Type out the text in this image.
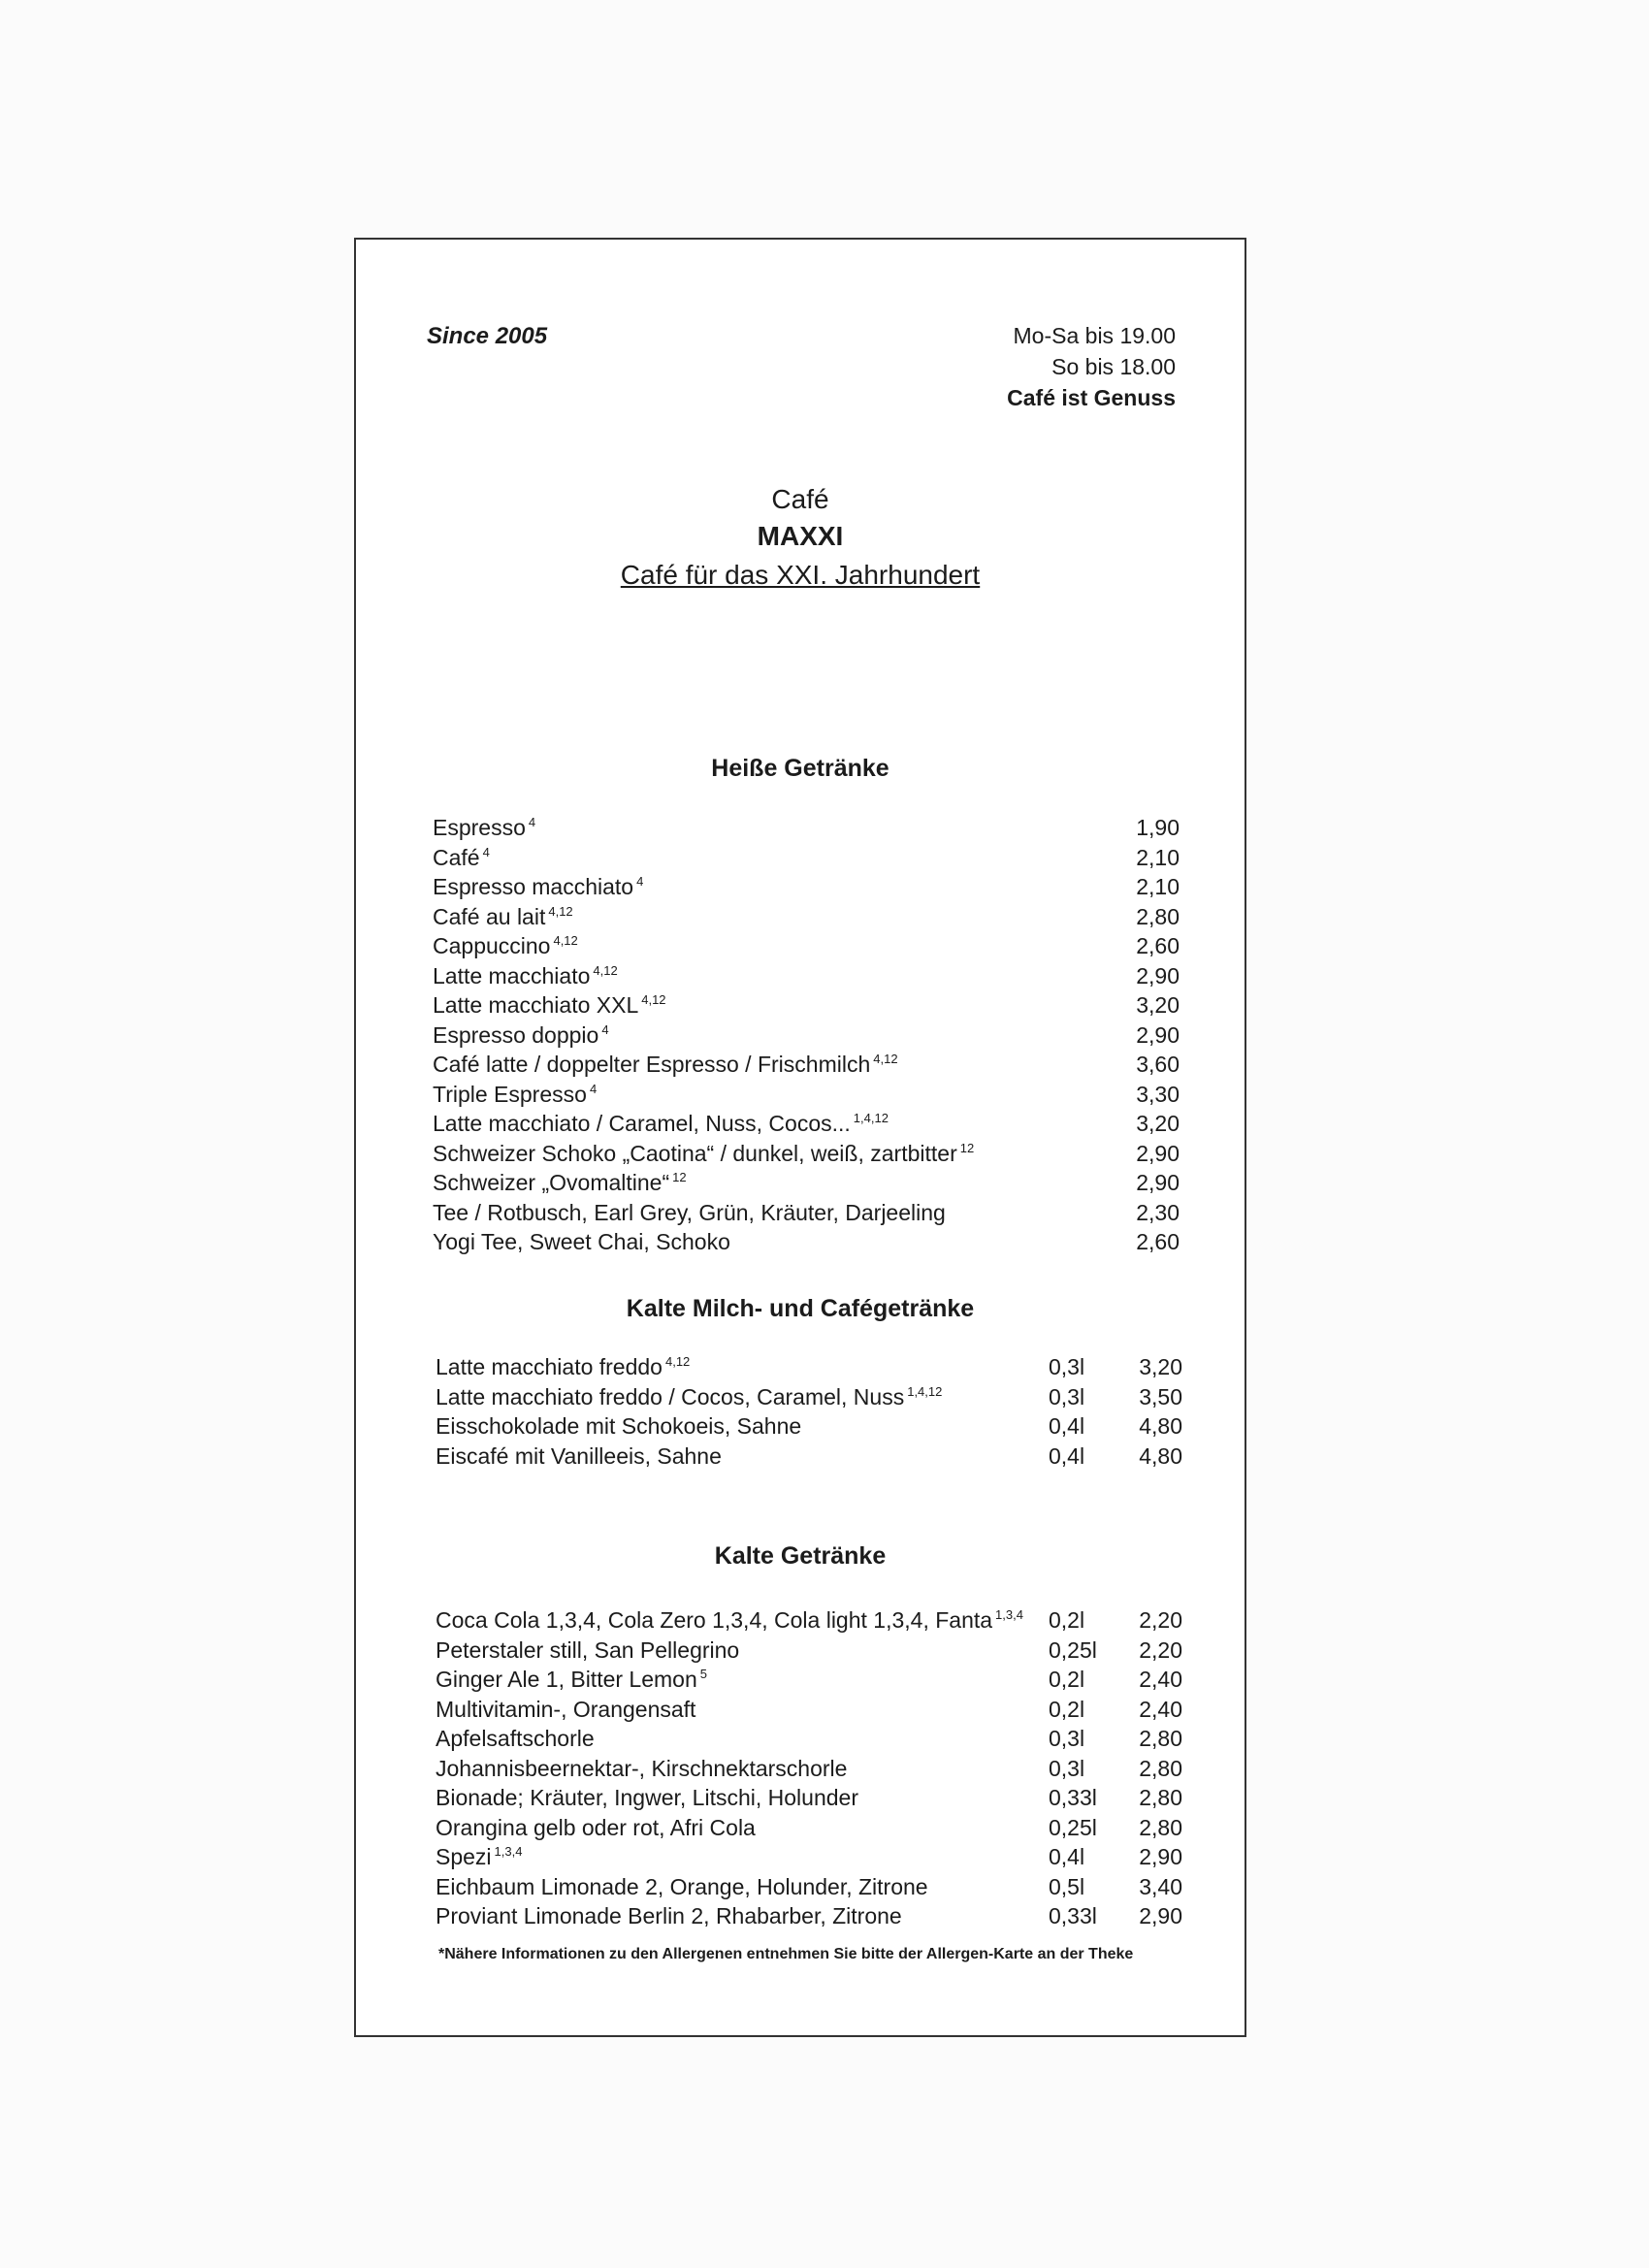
Since 2005	Mo-Sa bis 19.00
So bis 18.00
Café ist Genuss
Café
MAXXI
Café für das XXI. Jahrhundert
Heiße Getränke
Espresso $^4$	1,90
Café $^4$	2,10
Espresso macchiato $^4$	2,10
Café au lait $^{4,12}$	2,80
Cappuccino $^{4,12}$	2,60
Latte macchiato $^{4,12}$	2,90
Latte macchiato XXL $^{4,12}$	3,20
Espresso doppio $^4$	2,90
Café latte / doppelter Espresso / Frischmilch $^{4,12}$	3,60
Triple Espresso $^4$	3,30
Latte macchiato / Caramel, Nuss, Cocos... $^{1,4,12}$	3,20
Schweizer Schoko „Caotina“ / dunkel, weiß, zartbitter $^{12}$	2,90
Schweizer „Ovomaltine“ $^{12}$	2,90
Tee / Rotbusch, Earl Grey, Grün, Kräuter, Darjeeling	2,30
Yogi Tee, Sweet Chai, Schoko	2,60
Kalte Milch- und Cafégetränke
Latte macchiato freddo $^{4,12}$	0,3l 3,20
Latte macchiato freddo / Cocos, Caramel, Nuss $^{1,4,12}$	0,3l 3,50
Eisschokolade mit Schokoeis, Sahne	0,4l 4,80
Eiscafé mit Vanilleeis, Sahne	0,4l 4,80
Kalte Getränke
Coca Cola 1,3,4, Cola Zero 1,3,4, Cola light 1,3,4, Fanta $^{1,3,4}$ 0,2l 2,20
Peterstaler still, San Pellegrino	0,25l 2,20
Ginger Ale 1, Bitter Lemon $^5$	0,2l 2,40
Multivitamin-, Orangensaft	0,2l 2,40
Apfelsaftschorle	0,3l 2,80
Johannisbeernektar-, Kirschnektarschorle	0,3l 2,80
Bionade; Kräuter, Ingwer, Litschi, Holunder	0,33l 2,80
Orangina gelb oder rot, Afri Cola	0,25l 2,80
Spezi $^{1,3,4}$	0,4l 2,90
Eichbaum Limonade 2, Orange, Holunder, Zitrone	0,5l 3,40
Proviant Limonade Berlin 2, Rhabarber, Zitrone	0,33l 2,90
*Nähere Informationen zu den Allergenen entnehmen Sie bitte der Allergen-Karte an der Theke
